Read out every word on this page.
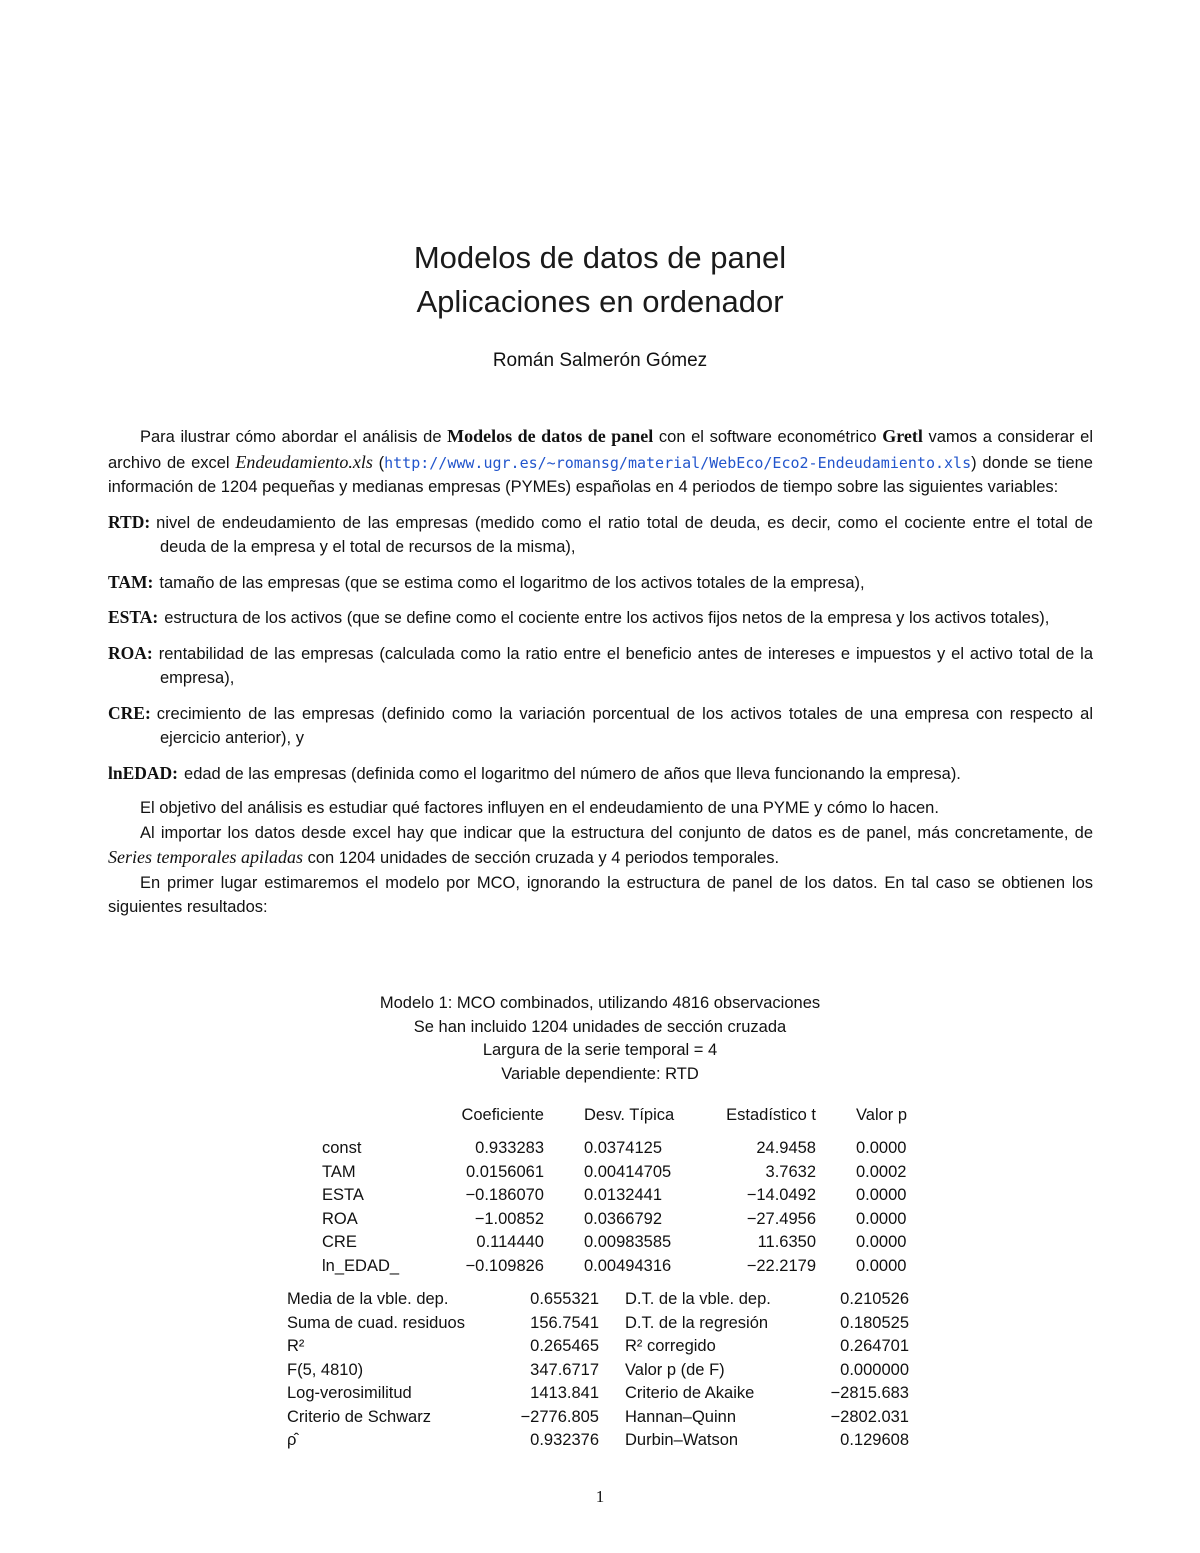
Modelos de datos de panel
Aplicaciones en ordenador
Román Salmerón Gómez

Para ilustrar cómo abordar el análisis de Modelos de datos de panel con el software econométrico Gretl vamos a considerar el archivo de excel Endeudamiento.xls (http://www.ugr.es/~romansg/material/WebEco/Eco2-Endeudamiento.xls) donde se tiene información de 1204 pequeñas y medianas empresas (PYMEs) españolas en 4 periodos de tiempo sobre las siguientes variables:

RTD: nivel de endeudamiento de las empresas (medido como el ratio total de deuda, es decir, como el cociente entre el total de deuda de la empresa y el total de recursos de la misma),
TAM: tamaño de las empresas (que se estima como el logaritmo de los activos totales de la empresa),
ESTA: estructura de los activos (que se define como el cociente entre los activos fijos netos de la empresa y los activos totales),
ROA: rentabilidad de las empresas (calculada como la ratio entre el beneficio antes de intereses e impuestos y el activo total de la empresa),
CRE: crecimiento de las empresas (definido como la variación porcentual de los activos totales de una empresa con respecto al ejercicio anterior), y
lnEDAD: edad de las empresas (definida como el logaritmo del número de años que lleva funcionando la empresa).

El objetivo del análisis es estudiar qué factores influyen en el endeudamiento de una PYME y cómo lo hacen.

Al importar los datos desde excel hay que indicar que la estructura del conjunto de datos es de panel, más concretamente, de Series temporales apiladas con 1204 unidades de sección cruzada y 4 periodos temporales.

En primer lugar estimaremos el modelo por MCO, ignorando la estructura de panel de los datos. En tal caso se obtienen los siguientes resultados:

Modelo 1: MCO combinados, utilizando 4816 observaciones
Se han incluido 1204 unidades de sección cruzada
Largura de la serie temporal = 4
Variable dependiente: RTD
	Coeficiente	Desv. Típica	Estadístico t	Valor p
const	0.933283	0.0374125	24.9458	0.0000
TAM	0.0156061	0.00414705	3.7632	0.0002
ESTA	−0.186070	0.0132441	−14.0492	0.0000
ROA	−1.00852	0.0366792	−27.4956	0.0000
CRE	0.114440	0.00983585	11.6350	0.0000
ln_EDAD_	−0.109826	0.00494316	−22.2179	0.0000
Media de la vble. dep.	0.655321	D.T. de la vble. dep.	0.210526
Suma de cuad. residuos	156.7541	D.T. de la regresión	0.180525
R²	0.265465	R² corregido	0.264701
F(5, 4810)	347.6717	Valor p (de F)	0.000000
Log-verosimilitud	1413.841	Criterio de Akaike	−2815.683
Criterio de Schwarz	−2776.805	Hannan–Quinn	−2802.031
ρ̂	0.932376	Durbin–Watson	0.129608
1
